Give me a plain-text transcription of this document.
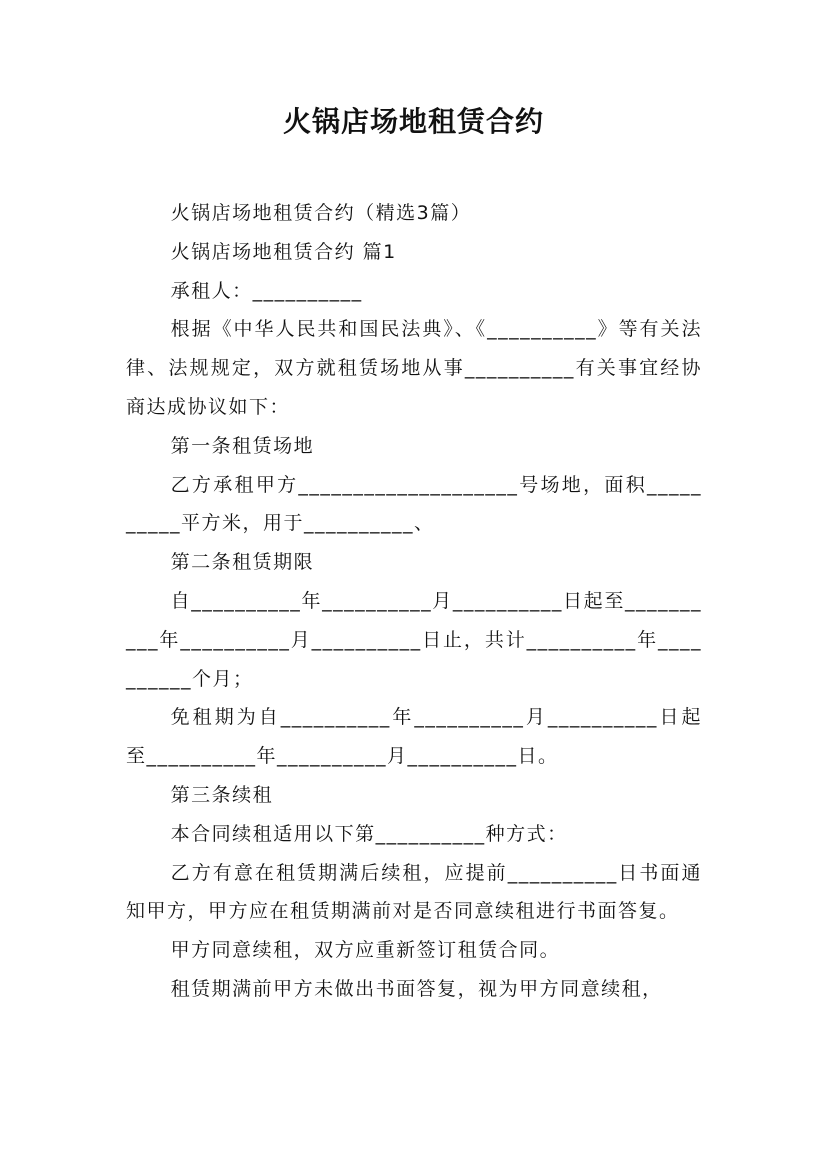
火锅店场地租赁合约

火锅店场地租赁合约（精选3篇）

火锅店场地租赁合约 篇1

承租人：__________

根据《中华人民共和国民法典》、《__________》等有关法律、法规规定，双方就租赁场地从事__________有关事宜经协商达成协议如下：

第一条租赁场地

乙方承租甲方____________________号场地，面积__________平方米，用于__________、

第二条租赁期限

自__________年__________月__________日起至__________年__________月__________日止，共计__________年__________个月；

免租期为自__________年__________月__________日起至__________年__________月__________日。

第三条续租

本合同续租适用以下第__________种方式：

乙方有意在租赁期满后续租，应提前__________日书面通知甲方，甲方应在租赁期满前对是否同意续租进行书面答复。

甲方同意续租，双方应重新签订租赁合同。

租赁期满前甲方未做出书面答复，视为甲方同意续租，
